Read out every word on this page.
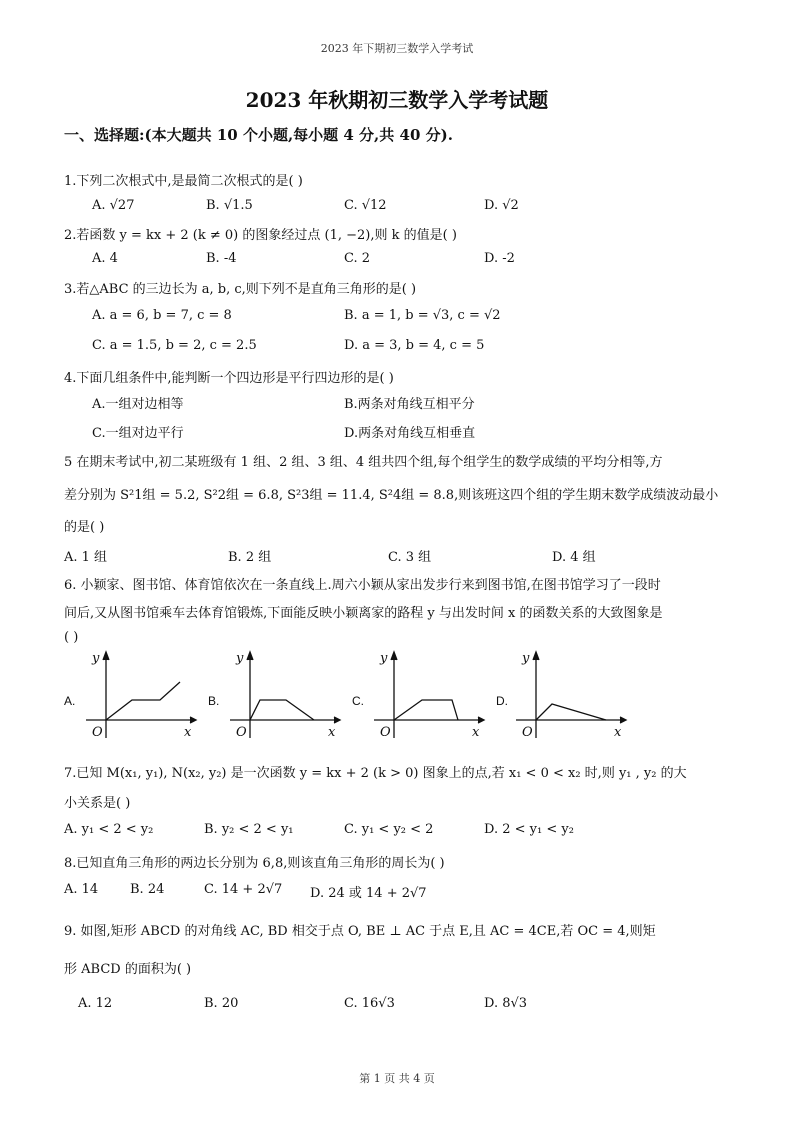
2023 年下期初三数学入学考试
2023 年秋期初三数学入学考试题
一、选择题:(本大题共 10 个小题,每小题 4 分,共 40 分).
1.下列二次根式中,是最简二次根式的是( )
A. √27	B. √1.5	C. √12	D. √2
2.若函数 y = kx + 2 (k ≠ 0) 的图象经过点 (1, −2),则 k 的值是( )
A. 4	B. -4	C. 2	D. -2
3.若△ABC 的三边长为 a, b, c,则下列不是直角三角形的是( )
A. a = 6, b = 7, c = 8	B. a = 1, b = √3, c = √2
C. a = 1.5, b = 2, c = 2.5	D. a = 3, b = 4, c = 5
4.下面几组条件中,能判断一个四边形是平行四边形的是( )
A.一组对边相等	B.两条对角线互相平分
C.一组对边平行	D.两条对角线互相垂直
5 在期末考试中,初二某班级有 1 组、2 组、3 组、4 组共四个组,每个组学生的数学成绩的平均分相等,方
差分别为 S²1组 = 5.2, S²2组 = 6.8, S²3组 = 11.4, S²4组 = 8.8,则该班这四个组的学生期末数学成绩波动最小
的是( )
A. 1 组	B. 2 组	C. 3 组	D. 4 组
6. 小颖家、图书馆、体育馆依次在一条直线上.周六小颖从家出发步行来到图书馆,在图书馆学习了一段时
间后,又从图书馆乘车去体育馆锻炼,下面能反映小颖离家的路程 y 与出发时间 x 的函数关系的大致图象是
( )
A.	B.	C.	D.
y
x
O
y
x
O
y
x
O
y
x
O
7.已知 M(x₁, y₁), N(x₂, y₂) 是一次函数 y = kx + 2 (k > 0) 图象上的点,若 x₁ < 0 < x₂ 时,则 y₁ , y₂ 的大
小关系是( )
A. y₁ < 2 < y₂	B. y₂ < 2 < y₁	C. y₁ < y₂ < 2	D. 2 < y₁ < y₂
8.已知直角三角形的两边长分别为 6,8,则该直角三角形的周长为( )
A. 14 B. 24	C. 14 + 2√7 D. 24 或 14 + 2√7
9. 如图,矩形 ABCD 的对角线 AC, BD 相交于点 O, BE ⊥ AC 于点 E,且 AC = 4CE,若 OC = 4,则矩
形 ABCD 的面积为( )
A. 12	B. 20	C. 16√3	D. 8√3
第 1 页 共 4 页
